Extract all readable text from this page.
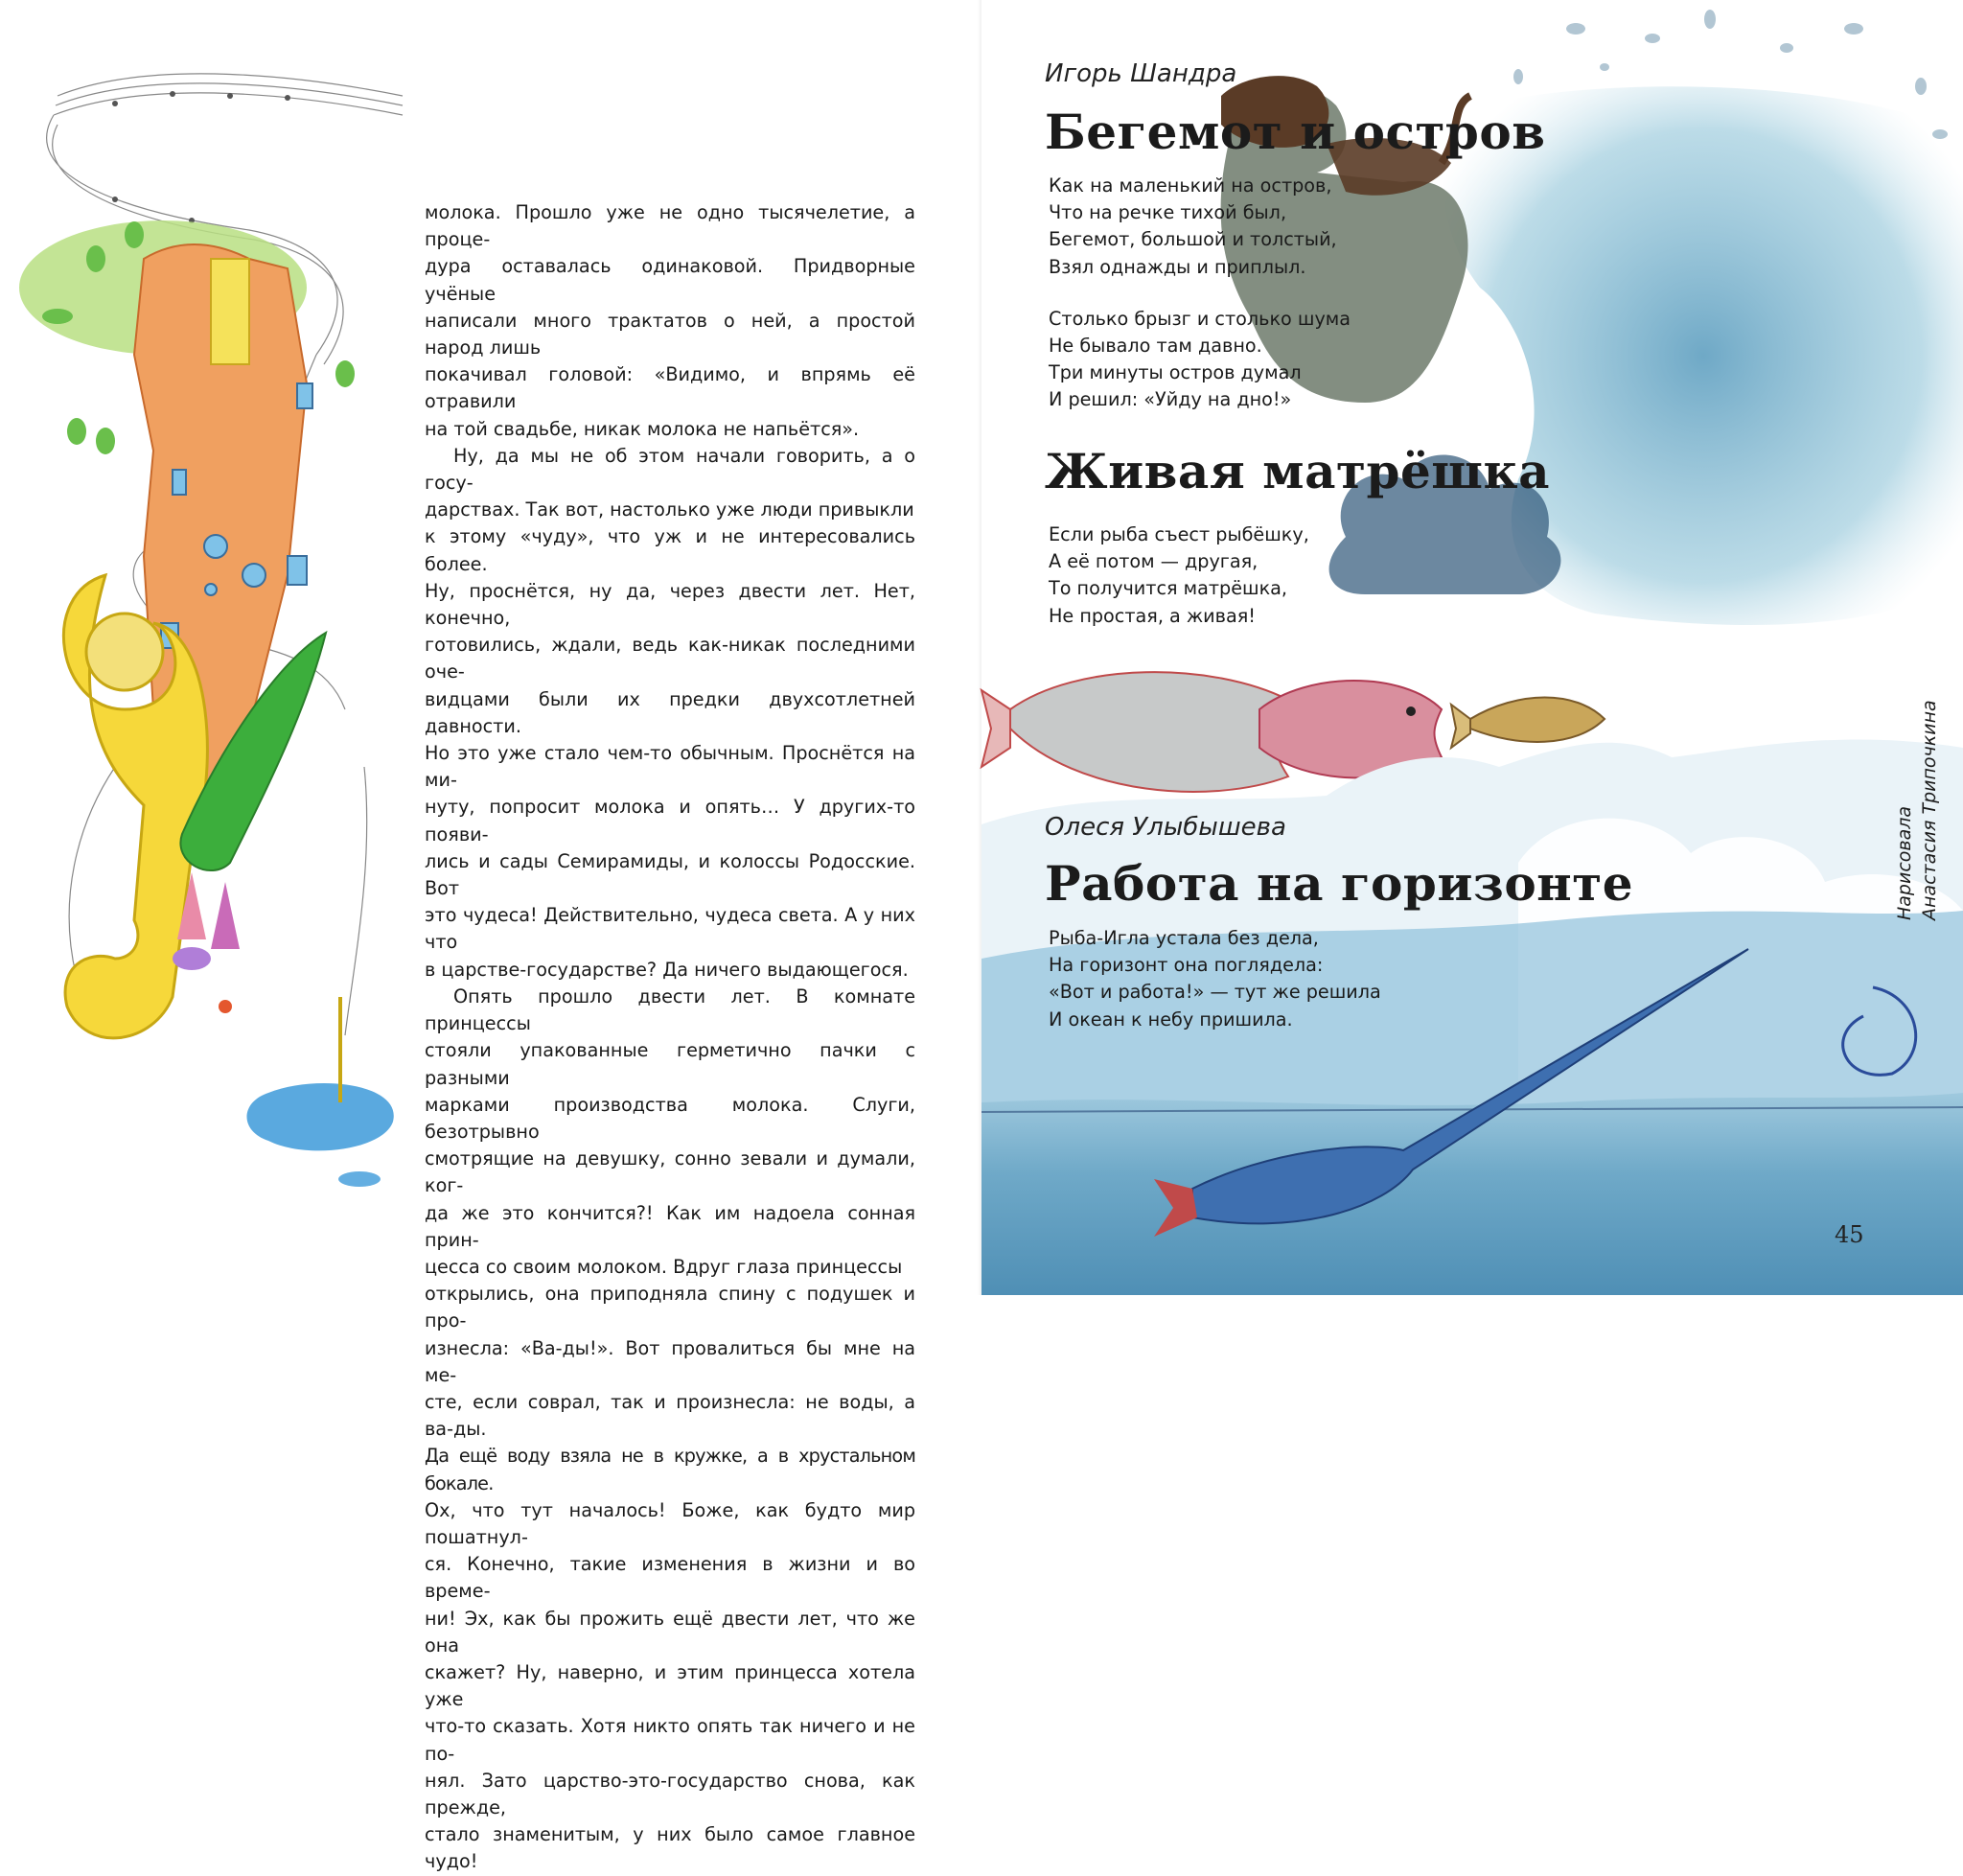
молока. Прошло уже не одно тысячелетие, а проце-
дура оставалась одинаковой. Придворные учёные
написали много трактатов о ней, а простой народ лишь
покачивал головой: «Видимо, и впрямь её отравили
на той свадьбе, никак молока не напьётся».

Ну, да мы не об этом начали говорить, а о госу-
дарствах. Так вот, настолько уже люди привыкли
к этому «чуду», что уж и не интересовались более.
Ну, проснётся, ну да, через двести лет. Нет, конечно,
готовились, ждали, ведь как-никак последними оче-
видцами были их предки двухсотлетней давности.
Но это уже стало чем-то обычным. Проснётся на ми-
нуту, попросит молока и опять… У других-то появи-
лись и сады Семирамиды, и колоссы Родосские. Вот
это чудеса! Действительно, чудеса света. А у них что
в царстве-государстве? Да ничего выдающегося.

Опять прошло двести лет. В комнате принцессы
стояли упакованные герметично пачки с разными
марками производства молока. Слуги, безотрывно
смотрящие на девушку, сонно зевали и думали, ког-
да же это кончится?! Как им надоела сонная прин-
цесса со своим молоком. Вдруг глаза принцессы
открылись, она приподняла спину с подушек и про-
изнесла: «Ва-ды!». Вот провалиться бы мне на ме-
сте, если соврал, так и произнесла: не воды, а ва-ды.
Да ещё воду взяла не в кружке, а в хрустальном бокале.
Ох, что тут началось! Боже, как будто мир пошатнул-
ся. Конечно, такие изменения в жизни и во време-
ни! Эх, как бы прожить ещё двести лет, что же она
скажет? Ну, наверно, и этим принцесса хотела уже
что-то сказать. Хотя никто опять так ничего и не по-
нял. Зато царство-это-государство снова, как прежде,
стало знаменитым, у них было самое главное чудо!

Игорь Шандра
Бегемот и остров
Как на маленький на остров,
Что на речке тихой был,
Бегемот, большой и толстый,
Взял однажды и приплыл.
Столько брызг и столько шума
Не бывало там давно.
Три минуты остров думал
И решил: «Уйду на дно!»
Живая матрёшка
Если рыба съест рыбёшку,
А её потом — другая,
То получится матрёшка,
Не простая, а живая!
Олеся Улыбышева
Работа на горизонте
Рыба-Игла устала без дела,
На горизонт она поглядела:
«Вот и работа!» — тут же решила
И океан к небу пришила.
Нарисовала Анастасия Трипочкина
45
